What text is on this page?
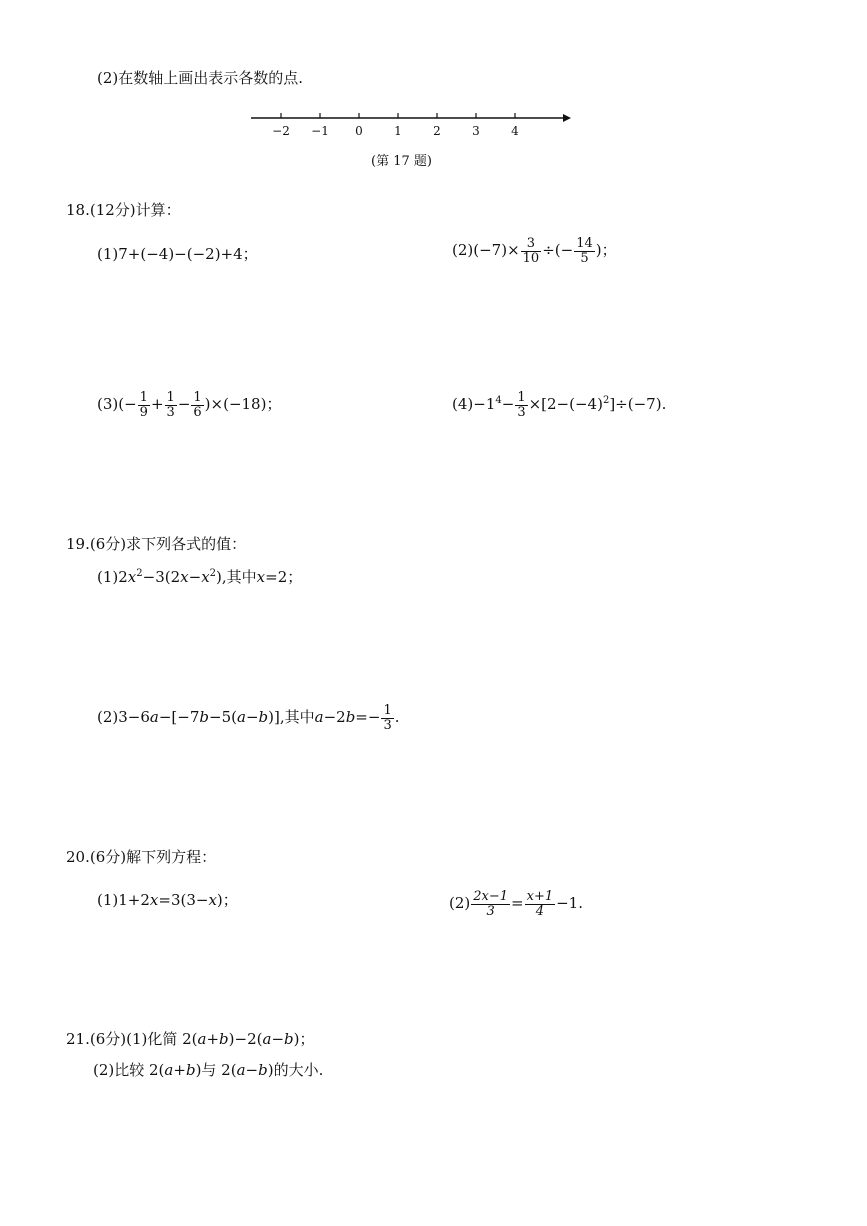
(2)在数轴上画出表示各数的点.
−2 −1 0	1	2	3	4
(第 17 题)
18.(12分)计算：
(1)7+(−4)−(−2)+4；	$(2)(-7)\times \frac{3}{10}$ ÷(− $\frac{14}{5}$ )；
$(3)(- \frac{1}{9} + \frac{1}{3} - \frac{1}{6} )\times(-18)$；	$(4)-1^4- \frac{1}{3} \times[2-(-4)^2]\div(-7)$.
19.(6分)求下列各式的值：
$(1)2x^2-3(2x-x^2)$,其中x=2；
(2)3−6a−[−7b−5(a−b)],其中$a-2b=- \frac{1}{3}$ .
20.(6分)解下列方程：
(1)1+2x=3(3−x)；	$(2) \frac{2x-1}{3} = \frac{x+1}{4} -1$.
21.(6分)(1)化简 2(a+b)−2(a−b)；
(2)比较 2(a+b)与 2(a−b)的大小.
